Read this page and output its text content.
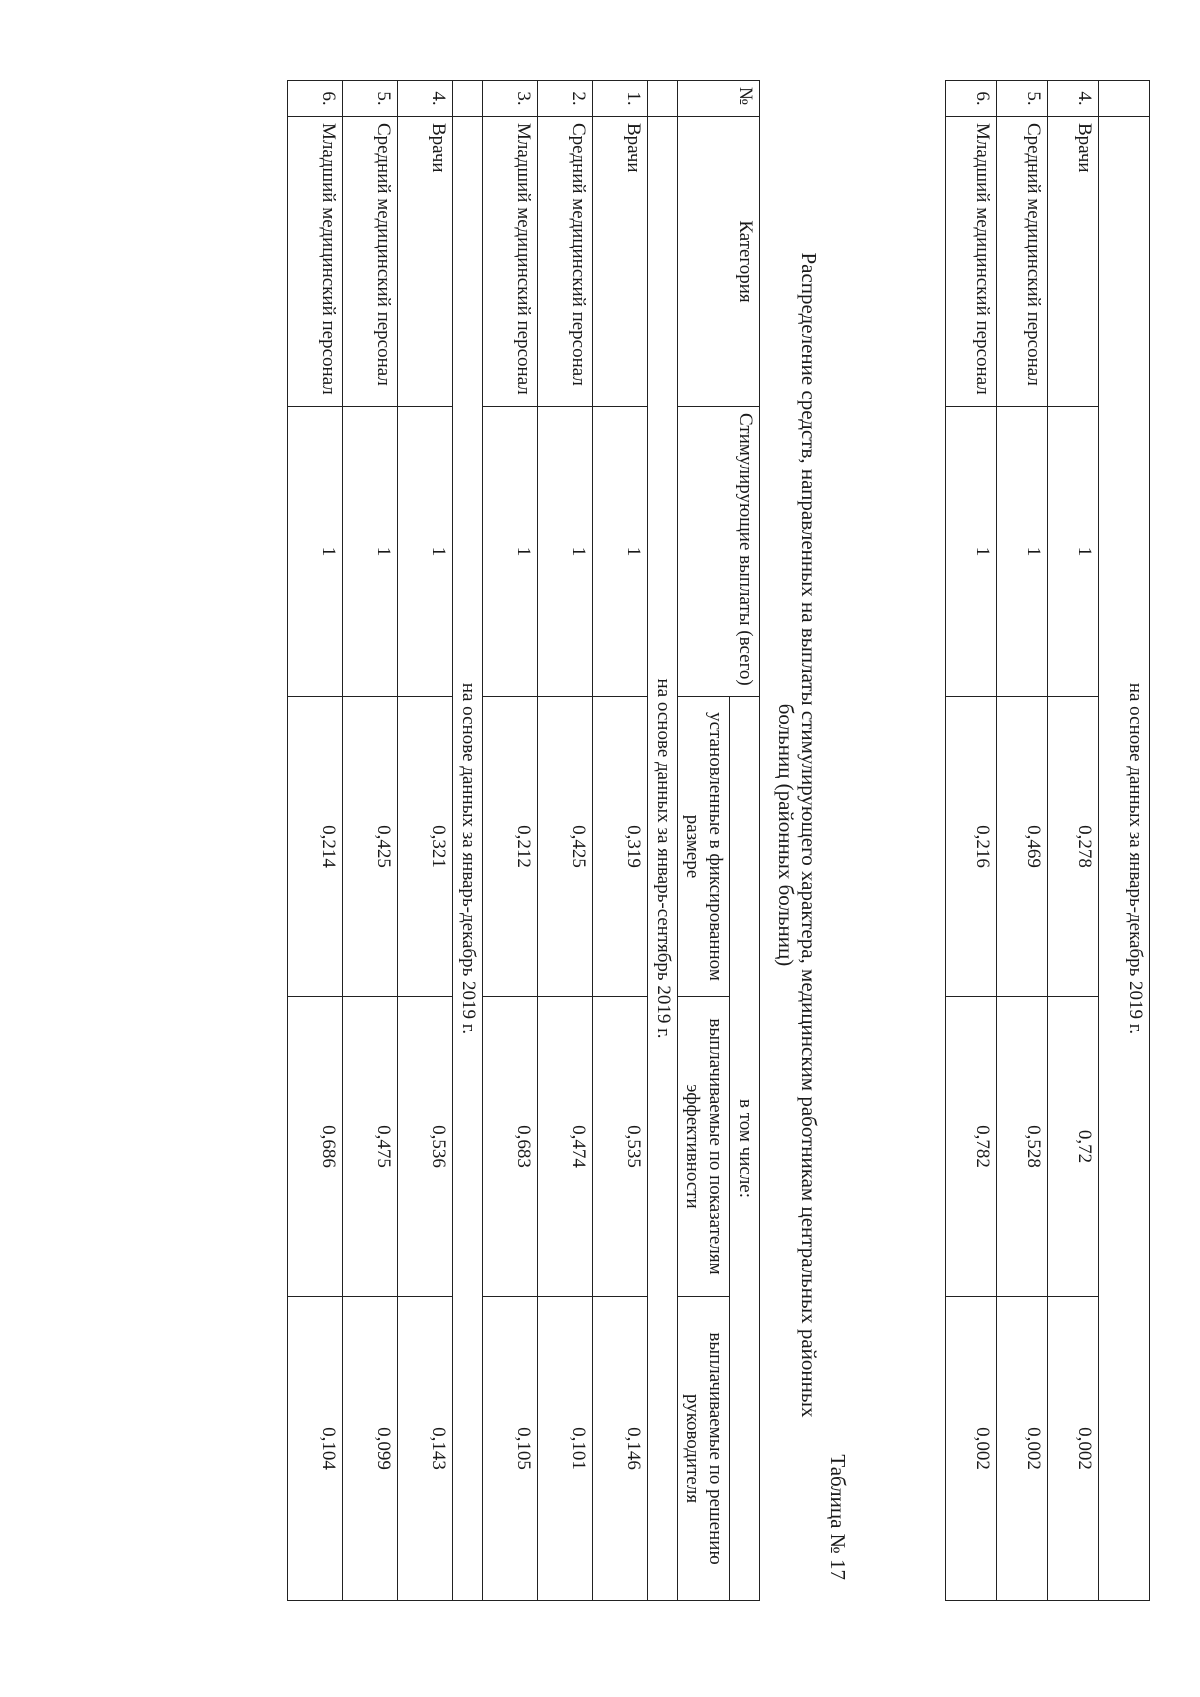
	на основе данных за январь-декабрь 2019 г.				
4.	Врачи	1	0,278	0,72	0,002
5.	Средний медицинский персонал	1	0,469	0,528	0,002
6.	Младший медицинский персонал	1	0,216	0,782	0,002
Таблица № 17
Распределение средств, направленных на выплаты стимулирующего характера, медицинским работникам центральных районных
больниц (районных больниц)
№	Категория	Стимулирующие выплаты (всего)	в том числе:		
			установленные в фиксированном размере	выплачиваемые по показателям эффективности	выплачиваемые по решению руководителя
	на основе данных за январь-сентябрь 2019 г.				
1.	Врачи	1	0,319	0,535	0,146
2.	Средний медицинский персонал	1	0,425	0,474	0,101
3.	Младший медицинский персонал	1	0,212	0,683	0,105
	на основе данных за январь-декабрь 2019 г.				
4.	Врачи	1	0,321	0,536	0,143
5.	Средний медицинский персонал	1	0,425	0,475	0,099
6.	Младший медицинский персонал	1	0,214	0,686	0,104
